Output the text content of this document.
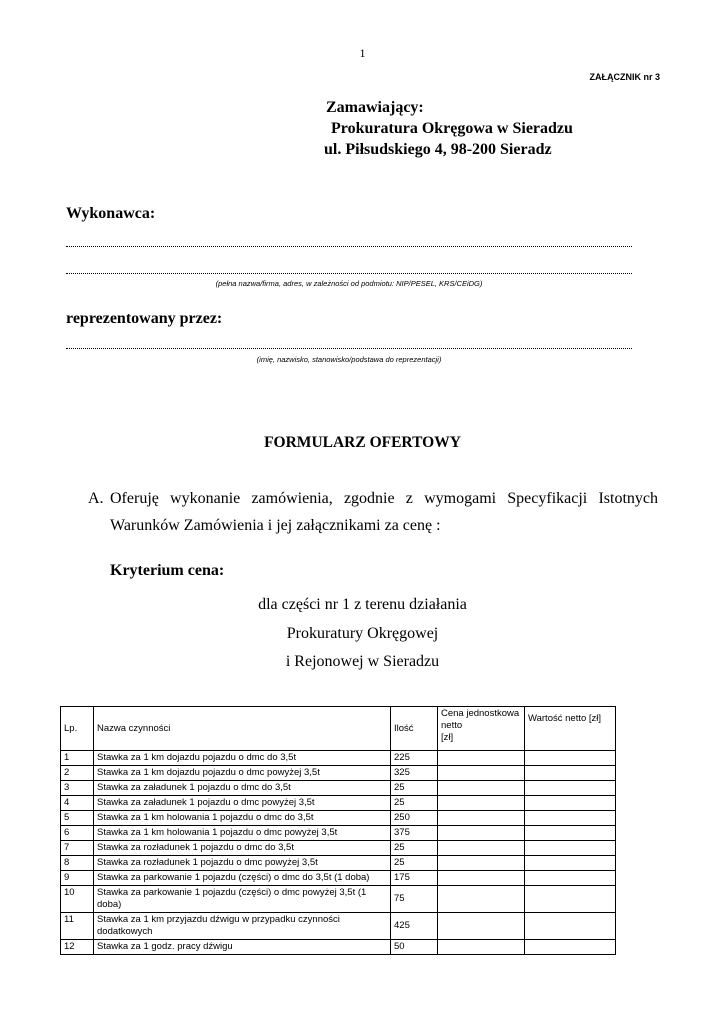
1
ZAŁĄCZNIK nr 3
Zamawiający:
Prokuratura Okręgowa w Sieradzu
ul. Piłsudskiego 4, 98-200 Sieradz
Wykonawca:
(pełna nazwa/firma, adres, w zależności od podmiotu: NIP/PESEL, KRS/CEiDG)
reprezentowany przez:
(imię, nazwisko, stanowisko/podstawa do reprezentacji)
FORMULARZ OFERTOWY
A. Oferuję wykonanie zamówienia, zgodnie z wymogami Specyfikacji Istotnych
Warunków Zamówienia i jej załącznikami za cenę :
Kryterium cena:
dla części nr 1 z terenu działania
Prokuratury Okręgowej
i Rejonowej w Sieradzu
Lp.	Nazwa czynności	Ilość	Cena jednostkowa
netto
[zł]	Wartość netto [zł]
1	Stawka za 1 km dojazdu pojazdu o dmc do 3,5t	225		
2	Stawka za 1 km dojazdu pojazdu o dmc powyżej 3,5t	325		
3	Stawka za załadunek 1 pojazdu o dmc do 3,5t	25		
4	Stawka za załadunek 1 pojazdu o dmc powyżej 3,5t	25		
5	Stawka za 1 km holowania 1 pojazdu o dmc do 3,5t	250		
6	Stawka za 1 km holowania 1 pojazdu o dmc powyżej 3,5t	375		
7	Stawka za rozładunek 1 pojazdu o dmc do 3,5t	25		
8	Stawka za rozładunek 1 pojazdu o dmc powyżej 3,5t	25		
9	Stawka za parkowanie 1 pojazdu (części) o dmc do 3,5t (1 doba)	175		
10	Stawka za parkowanie 1 pojazdu (części) o dmc powyżej 3,5t (1 doba)	75		
11	Stawka za 1 km przyjazdu dźwigu w przypadku czynności dodatkowych	425		
12	Stawka za 1 godz. pracy dźwigu	50		
